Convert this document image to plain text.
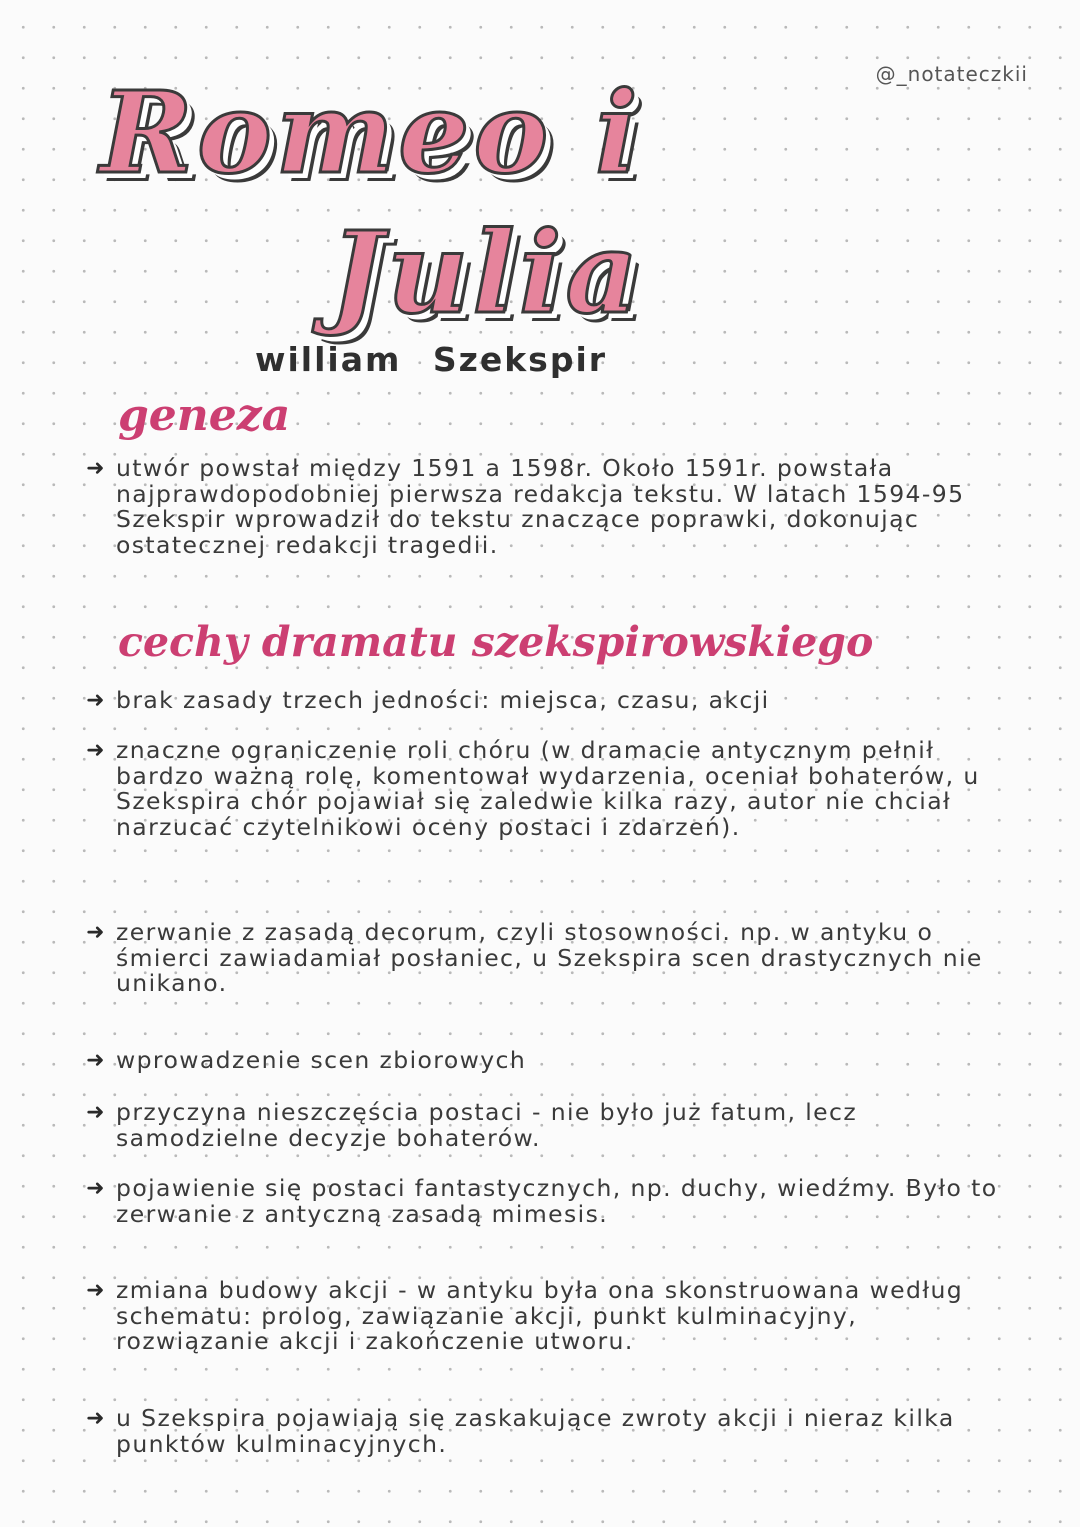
@_notateczkii
Romeo i
Julia
william Szekspir
geneza
➜ utwór powstał między 1591 a 1598r. Około 1591r. powstała najprawdopodobniej pierwsza redakcja tekstu. W latach 1594-95 Szekspir wprowadził do tekstu znaczące poprawki, dokonując ostatecznej redakcji tragedii.
cechy dramatu szekspirowskiego
➜ brak zasady trzech jedności: miejsca, czasu, akcji
➜ znaczne ograniczenie roli chóru (w dramacie antycznym pełnił bardzo ważną rolę, komentował wydarzenia, oceniał bohaterów, u Szekspira chór pojawiał się zaledwie kilka razy, autor nie chciał narzucać czytelnikowi oceny postaci i zdarzeń).
➜ zerwanie z zasadą decorum, czyli stosowności. np. w antyku o śmierci zawiadamiał posłaniec, u Szekspira scen drastycznych nie unikano.
➜ wprowadzenie scen zbiorowych
➜ przyczyna nieszczęścia postaci - nie było już fatum, lecz samodzielne decyzje bohaterów.
➜ pojawienie się postaci fantastycznych, np. duchy, wiedźmy. Było to zerwanie z antyczną zasadą mimesis.
➜ zmiana budowy akcji - w antyku była ona skonstruowana według schematu: prolog, zawiązanie akcji, punkt kulminacyjny, rozwiązanie akcji i zakończenie utworu.
➜ u Szekspira pojawiają się zaskakujące zwroty akcji i nieraz kilka punktów kulminacyjnych.
